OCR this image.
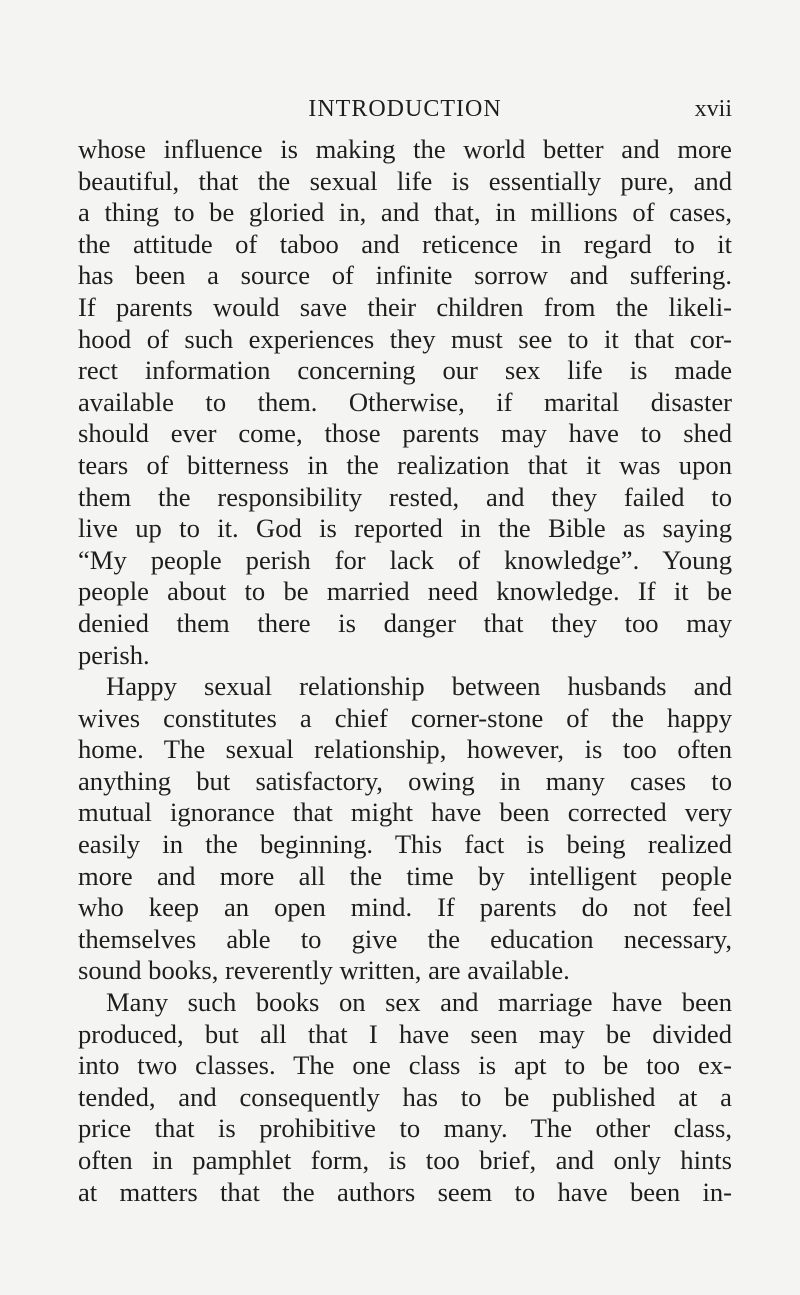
INTRODUCTION	xvii
whose influence is making the world better and more
beautiful, that the sexual life is essentially pure, and
a thing to be gloried in, and that, in millions of cases,
the attitude of taboo and reticence in regard to it
has been a source of infinite sorrow and suffering.
If parents would save their children from the likeli-
hood of such experiences they must see to it that cor-
rect information concerning our sex life is made
available to them. Otherwise, if marital disaster
should ever come, those parents may have to shed
tears of bitterness in the realization that it was upon
them the responsibility rested, and they failed to
live up to it. God is reported in the Bible as saying
“My people perish for lack of knowledge”. Young
people about to be married need knowledge. If it be
denied them there is danger that they too may
perish.
Happy sexual relationship between husbands and
wives constitutes a chief corner-stone of the happy
home. The sexual relationship, however, is too often
anything but satisfactory, owing in many cases to
mutual ignorance that might have been corrected very
easily in the beginning. This fact is being realized
more and more all the time by intelligent people
who keep an open mind. If parents do not feel
themselves able to give the education necessary,
sound books, reverently written, are available.
Many such books on sex and marriage have been
produced, but all that I have seen may be divided
into two classes. The one class is apt to be too ex-
tended, and consequently has to be published at a
price that is prohibitive to many. The other class,
often in pamphlet form, is too brief, and only hints
at matters that the authors seem to have been in-
